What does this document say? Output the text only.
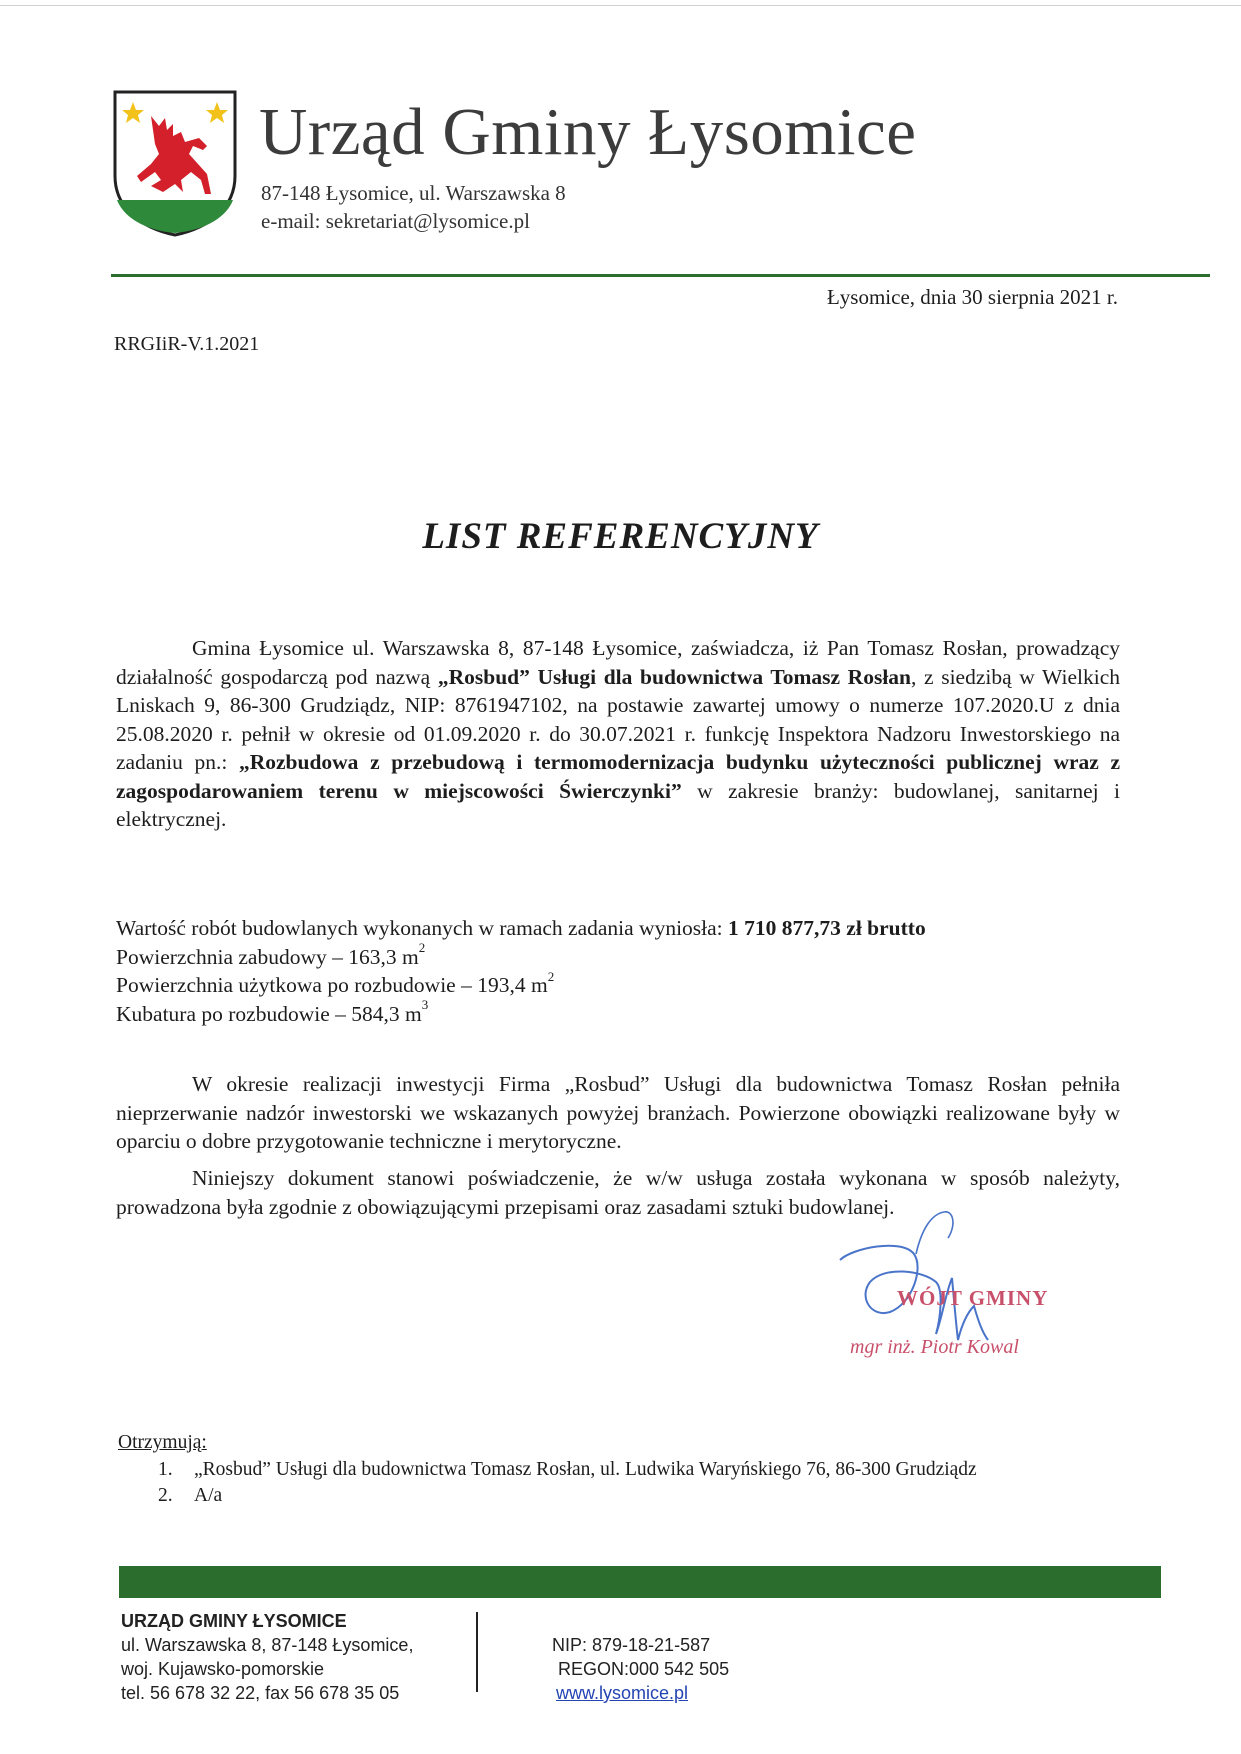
Urząd Gminy Łysomice
87-148 Łysomice, ul. Warszawska 8
e-mail: sekretariat@lysomice.pl
Łysomice, dnia 30 sierpnia 2021 r.
RRGIiR-V.1.2021
LIST REFERENCYJNY

Gmina Łysomice ul. Warszawska 8, 87-148 Łysomice, zaświadcza, iż Pan Tomasz Rosłan, prowadzący działalność gospodarczą pod nazwą „Rosbud” Usługi dla budownictwa Tomasz Rosłan, z siedzibą w Wielkich Lniskach 9, 86-300 Grudziądz, NIP: 8761947102, na postawie zawartej umowy o numerze 107.2020.U z dnia 25.08.2020 r. pełnił w okresie od 01.09.2020 r. do 30.07.2021 r. funkcję Inspektora Nadzoru Inwestorskiego na zadaniu pn.: „Rozbudowa z przebudową i termomodernizacja budynku użyteczności publicznej wraz z zagospodarowaniem terenu w miejscowości Świerczynki” w zakresie branży: budowlanej, sanitarnej i elektrycznej.

Wartość robót budowlanych wykonanych w ramach zadania wyniosła: 1 710 877,73 zł brutto
Powierzchnia zabudowy – 163,3 $m^2$
Powierzchnia użytkowa po rozbudowie – 193,4 $m^2$
Kubatura po rozbudowie – 584,3 $m^3$

W okresie realizacji inwestycji Firma „Rosbud” Usługi dla budownictwa Tomasz Rosłan pełniła nieprzerwanie nadzór inwestorski we wskazanych powyżej branżach. Powierzone obowiązki realizowane były w oparciu o dobre przygotowanie techniczne i merytoryczne.

Niniejszy dokument stanowi poświadczenie, że w/w usługa została wykonana w sposób należyty, prowadzona była zgodnie z obowiązującymi przepisami oraz zasadami sztuki budowlanej.

WÓJT GMINY
mgr inż. Piotr Kowal
Otrzymują:
1. „Rosbud” Usługi dla budownictwa Tomasz Rosłan, ul. Ludwika Waryńskiego 76, 86-300 Grudziądz
2. A/a
URZĄD GMINY ŁYSOMICE
ul. Warszawska 8, 87-148 Łysomice,
woj. Kujawsko-pomorskie
tel. 56 678 32 22, fax 56 678 35 05
NIP: 879-18-21-587
REGON:000 542 505
www.lysomice.pl
